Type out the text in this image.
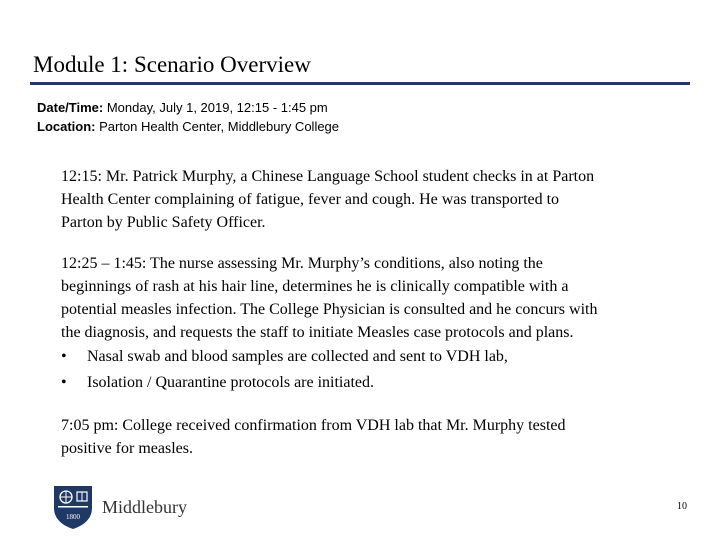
Module 1: Scenario Overview
Date/Time: Monday, July 1, 2019, 12:15 - 1:45 pm
Location: Parton Health Center, Middlebury College
12:15: Mr. Patrick Murphy, a Chinese Language School student checks in at Parton
Health Center complaining of fatigue, fever and cough. He was transported to
Parton by Public Safety Officer.
12:25 – 1:45: The nurse assessing Mr. Murphy’s conditions, also noting the
beginnings of rash at his hair line, determines he is clinically compatible with a
potential measles infection. The College Physician is consulted and he concurs with
the diagnosis, and requests the staff to initiate Measles case protocols and plans.
• Nasal swab and blood samples are collected and sent to VDH lab,
• Isolation / Quarantine protocols are initiated.
7:05 pm: College received confirmation from VDH lab that Mr. Murphy tested
positive for measles.
1800
Middlebury	10
